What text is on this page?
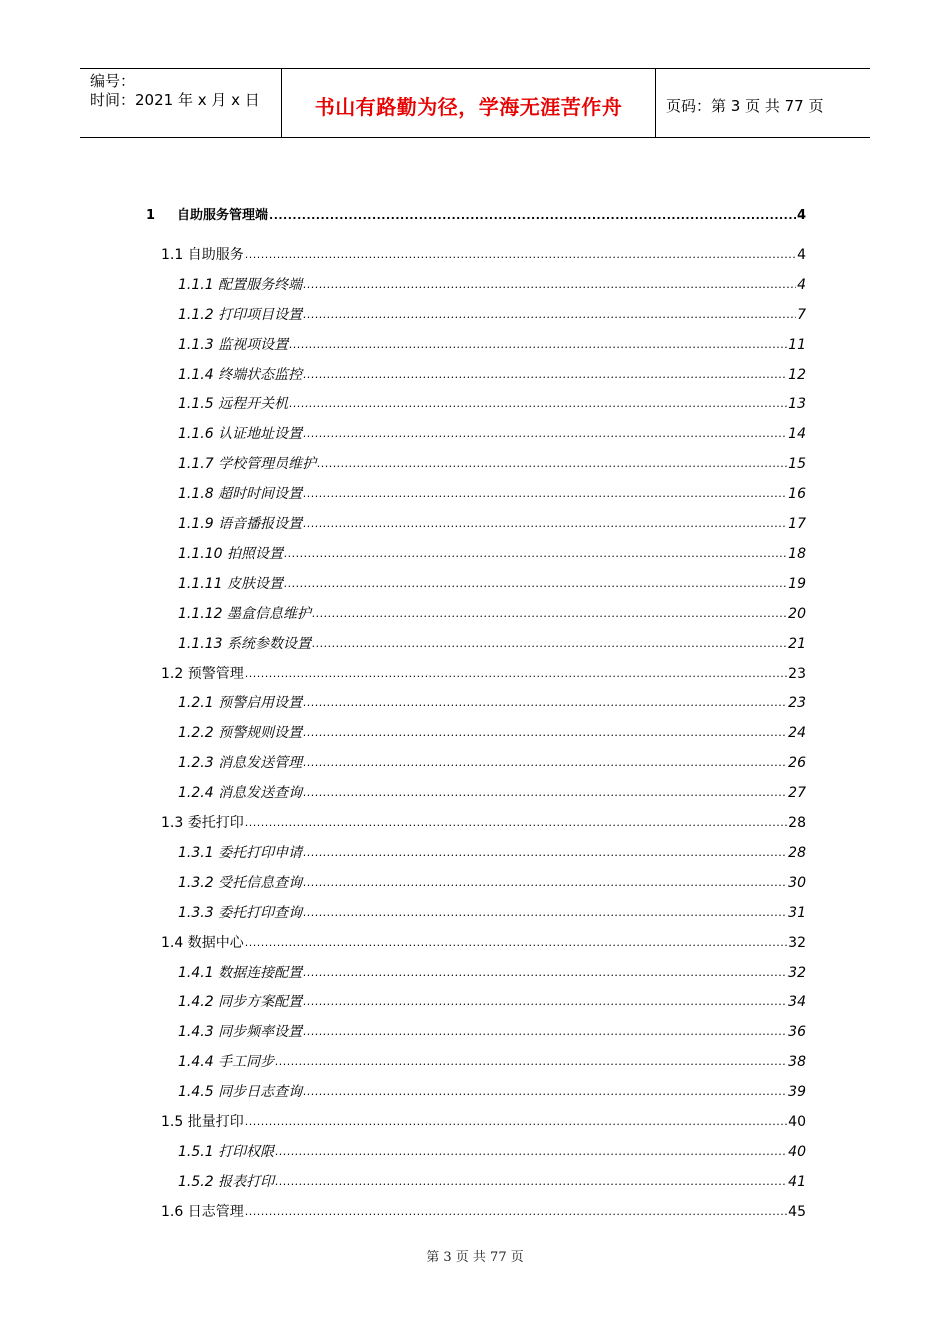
编号：
时间：2021 年 x 月 x 日	书山有路勤为径，学海无涯苦作舟	页码：第 3 页 共 77 页
1	自助服务管理端 .....	4
1.1 自助服务 .....	4
1.1.1 配置服务终端 .....	4
1.1.2 打印项目设置 .....	7
1.1.3 监视项设置 .....	11
1.1.4 终端状态监控 .....	12
1.1.5 远程开关机 .....	13
1.1.6 认证地址设置 .....	14
1.1.7 学校管理员维护 .....	15
1.1.8 超时时间设置 .....	16
1.1.9 语音播报设置 .....	17
1.1.10 拍照设置 .....	18
1.1.11 皮肤设置 .....	19
1.1.12 墨盒信息维护 .....	20
1.1.13 系统参数设置 .....	21
1.2 预警管理 .....	23
1.2.1 预警启用设置 .....	23
1.2.2 预警规则设置 .....	24
1.2.3 消息发送管理 .....	26
1.2.4 消息发送查询 .....	27
1.3 委托打印 .....	28
1.3.1 委托打印申请 .....	28
1.3.2 受托信息查询 .....	30
1.3.3 委托打印查询 .....	31
1.4 数据中心 .....	32
1.4.1 数据连接配置 .....	32
1.4.2 同步方案配置 .....	34
1.4.3 同步频率设置 .....	36
1.4.4 手工同步 .....	38
1.4.5 同步日志查询 .....	39
1.5 批量打印 .....	40
1.5.1 打印权限 .....	40
1.5.2 报表打印 .....	41
1.6 日志管理 .....	45
第 3 页 共 77 页
